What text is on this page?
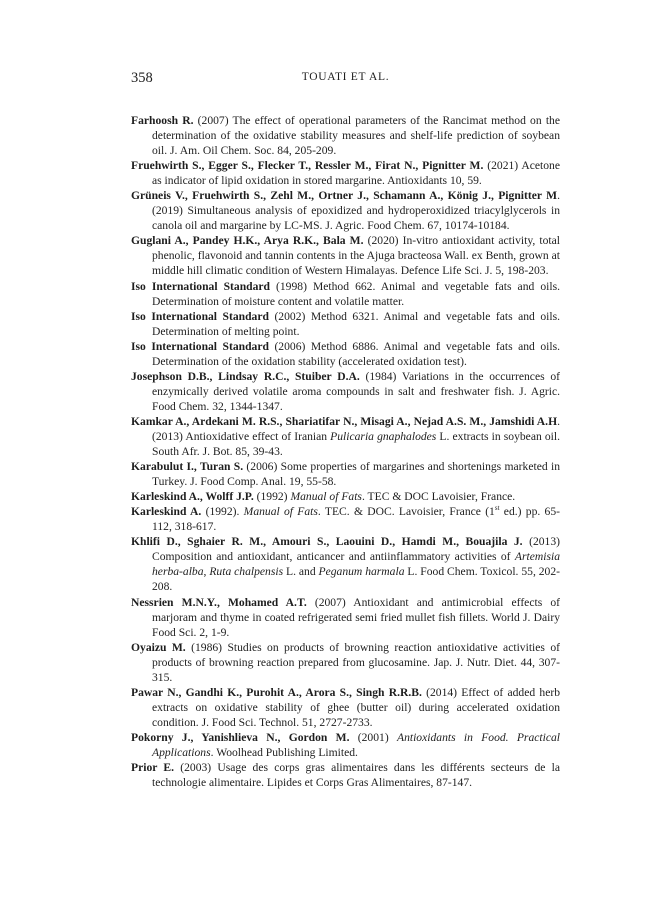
358	TOUATI ET AL.

Farhoosh R. (2007) The effect of operational parameters of the Rancimat method on the determination of the oxidative stability measures and shelf-life prediction of soybean oil. J. Am. Oil Chem. Soc. 84, 205-209.

Fruehwirth S., Egger S., Flecker T., Ressler M., Firat N., Pignitter M. (2021) Acetone as indicator of lipid oxidation in stored margarine. Antioxidants 10, 59.

Grüneis V., Fruehwirth S., Zehl M., Ortner J., Schamann A., König J., Pignitter M. (2019) Simultaneous analysis of epoxidized and hydroperoxidized triacylglycerols in canola oil and margarine by LC-MS. J. Agric. Food Chem. 67, 10174-10184.

Guglani A., Pandey H.K., Arya R.K., Bala M. (2020) In-vitro antioxidant activity, total phenolic, flavonoid and tannin contents in the Ajuga bracteosa Wall. ex Benth, grown at middle hill climatic condition of Western Himalayas. Defence Life Sci. J. 5, 198-203.

Iso International Standard (1998) Method 662. Animal and vegetable fats and oils. Determination of moisture content and volatile matter.

Iso International Standard (2002) Method 6321. Animal and vegetable fats and oils. Determination of melting point.

Iso International Standard (2006) Method 6886. Animal and vegetable fats and oils. Determination of the oxidation stability (accelerated oxidation test).

Josephson D.B., Lindsay R.C., Stuiber D.A. (1984) Variations in the occurrences of enzymically derived volatile aroma compounds in salt and freshwater fish. J. Agric. Food Chem. 32, 1344-1347.

Kamkar A., Ardekani M. R.S., Shariatifar N., Misagi A., Nejad A.S. M., Jamshidi A.H. (2013) Antioxidative effect of Iranian Pulicaria gnaphalodes L. extracts in soybean oil. South Afr. J. Bot. 85, 39-43.

Karabulut I., Turan S. (2006) Some properties of margarines and shortenings marketed in Turkey. J. Food Comp. Anal. 19, 55-58.

Karleskind A., Wolff J.P. (1992) Manual of Fats. TEC & DOC Lavoisier, France.

Karleskind A. (1992). Manual of Fats. TEC. & DOC. Lavoisier, France (1st ed.) pp. 65-112, 318-617.

Khlifi D., Sghaier R. M., Amouri S., Laouini D., Hamdi M., Bouajila J. (2013) Composition and antioxidant, anticancer and antiinflammatory activities of Artemisia herba-alba, Ruta chalpensis L. and Peganum harmala L. Food Chem. Toxicol. 55, 202-208.

Nessrien M.N.Y., Mohamed A.T. (2007) Antioxidant and antimicrobial effects of marjoram and thyme in coated refrigerated semi fried mullet fish fillets. World J. Dairy Food Sci. 2, 1-9.

Oyaizu M. (1986) Studies on products of browning reaction antioxidative activities of products of browning reaction prepared from glucosamine. Jap. J. Nutr. Diet. 44, 307-315.

Pawar N., Gandhi K., Purohit A., Arora S., Singh R.R.B. (2014) Effect of added herb extracts on oxidative stability of ghee (butter oil) during accelerated oxidation condition. J. Food Sci. Technol. 51, 2727-2733.

Pokorny J., Yanishlieva N., Gordon M. (2001) Antioxidants in Food. Practical Applications. Woolhead Publishing Limited.

Prior E. (2003) Usage des corps gras alimentaires dans les différents secteurs de la technologie alimentaire. Lipides et Corps Gras Alimentaires, 87-147.
